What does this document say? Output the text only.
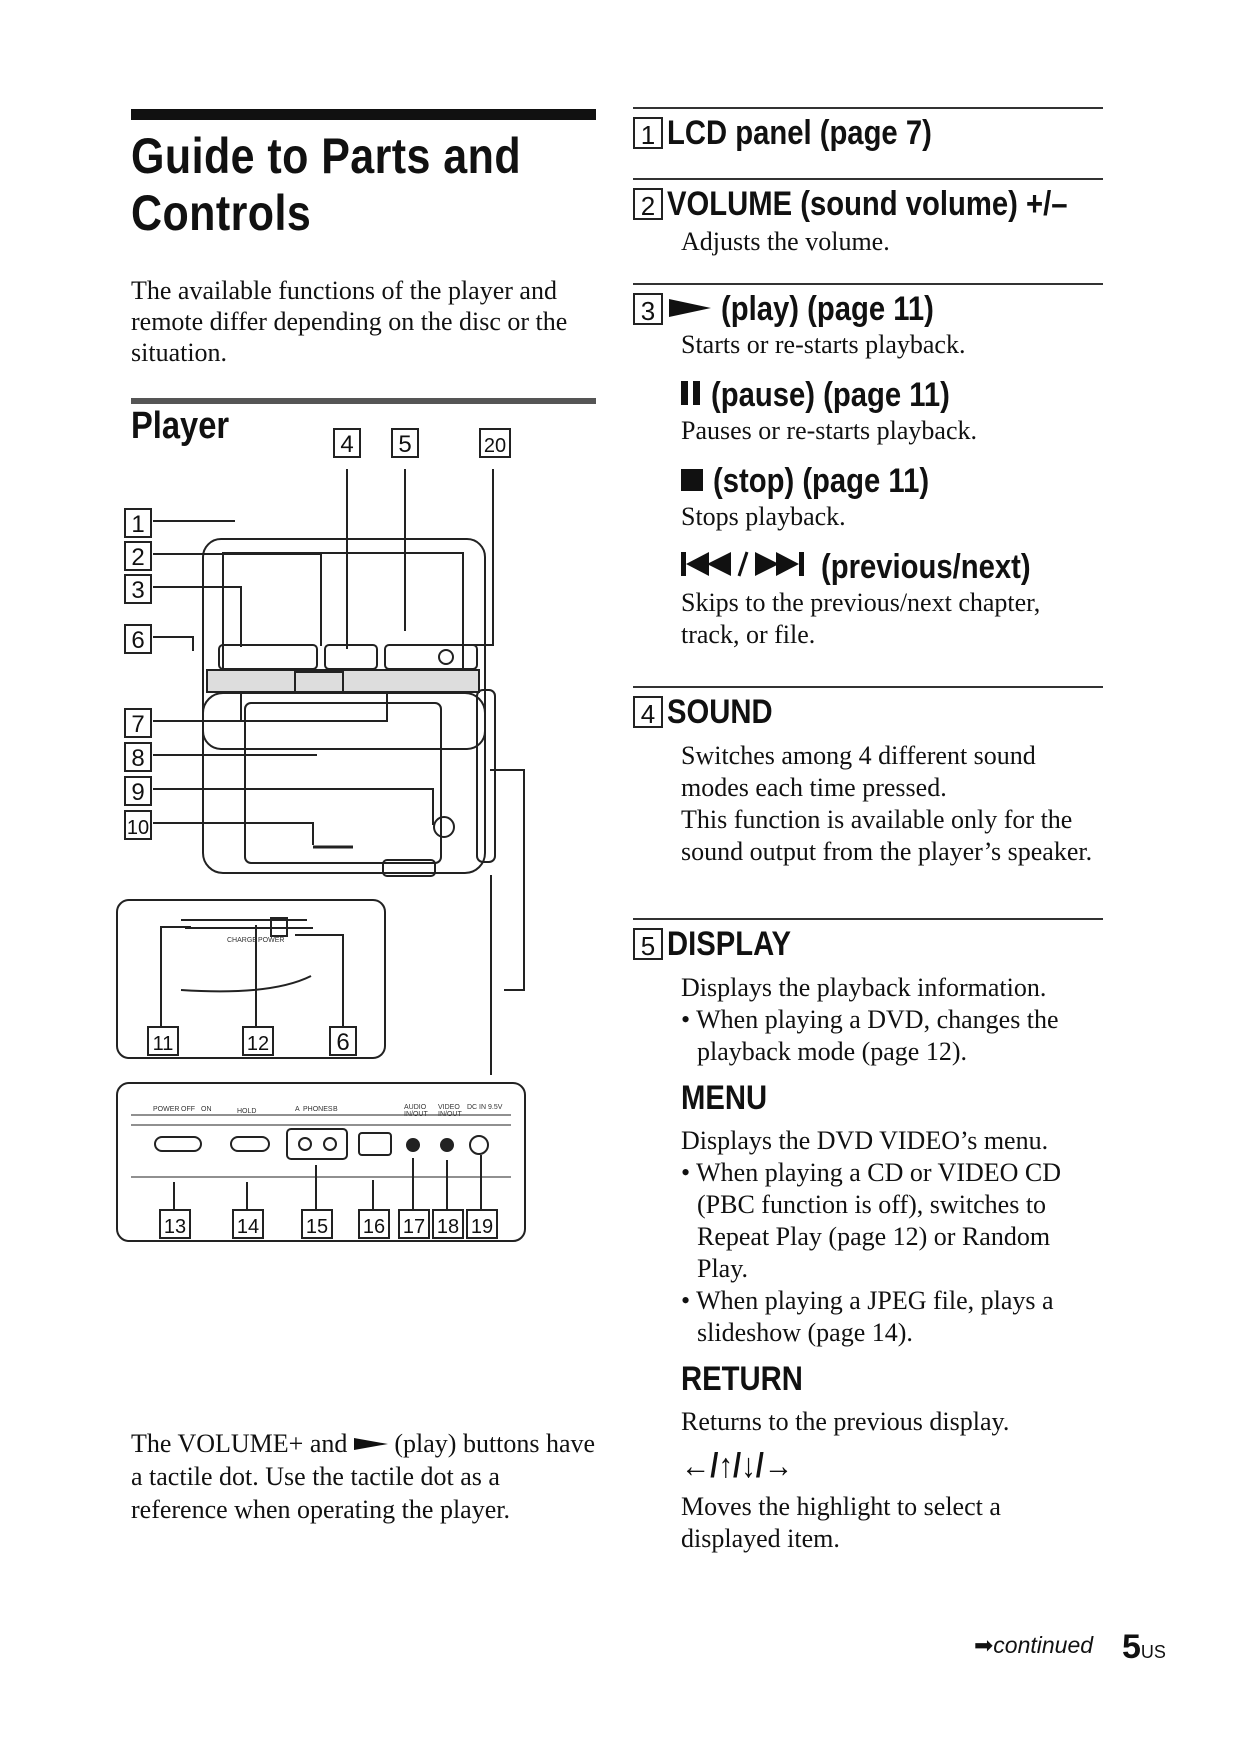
Guide to Parts and
Controls
The available functions of the player and remote differ depending on the disc or the situation.
Player
1
2
3
6
7
8
9
10
4 5	20
11	12	6
13	14 15 16 17 18 19
CHARGE POWER
POWER OFF ON	HOLD	A PHONES B	AUDIO
IN/OUT
VIDEO
IN/OUT
DC IN 9.5V
The VOLUME+ and (play) buttons have a tactile dot. Use the tactile dot as a reference when operating the player.
1 LCD panel (page 7)
2 VOLUME (sound volume) +/–
Adjusts the volume.
3 (play) (page 11)
Starts or re-starts playback.
(pause) (page 11)
Pauses or re-starts playback.
(stop) (page 11)
Stops playback.
(previous/next)
Skips to the previous/next chapter, track, or file.
4 SOUND
Switches among 4 different sound modes each time pressed.
This function is available only for the sound output from the player’s speaker.
5 DISPLAY
Displays the playback information.
• When playing a DVD, changes the playback mode (page 12).
MENU
Displays the DVD VIDEO’s menu.
• When playing a CD or VIDEO CD (PBC function is off), switches to Repeat Play (page 12) or Random Play.
• When playing a JPEG file, plays a slideshow (page 14).
RETURN
Returns to the previous display.
←/↑/↓/→
Moves the highlight to select a displayed item.
➡continued 5US
